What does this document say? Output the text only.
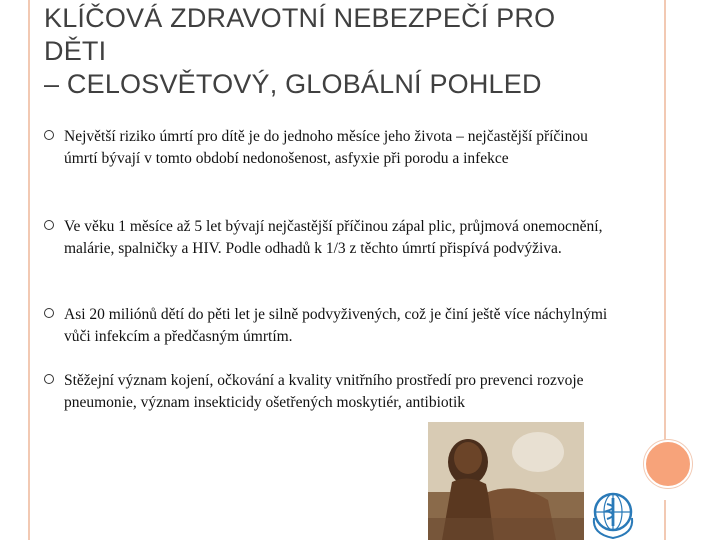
KLÍČOVÁ ZDRAVOTNÍ NEBEZPEČÍ PRO
DĚTI
– CELOSVĚTOVÝ, GLOBÁLNÍ POHLED
Největší riziko úmrtí pro dítě je do jednoho měsíce jeho života – nejčastější příčinou úmrtí bývají v tomto období nedonošenost, asfyxie při porodu a infekce
Ve věku 1 měsíce až 5 let bývají nejčastější příčinou zápal plic, průjmová onemocnění, malárie, spalničky a HIV. Podle odhadů k 1/3 z těchto úmrtí přispívá podvýživa.
Asi 20 miliónů dětí do pěti let je silně podvyživených, což je činí ještě více náchylnými vůči infekcím a předčasným úmrtím.
Stěžejní význam kojení, očkování a kvality vnitřního prostředí pro prevenci rozvoje pneumonie, význam insekticidy ošetřených moskytiér, antibiotik
